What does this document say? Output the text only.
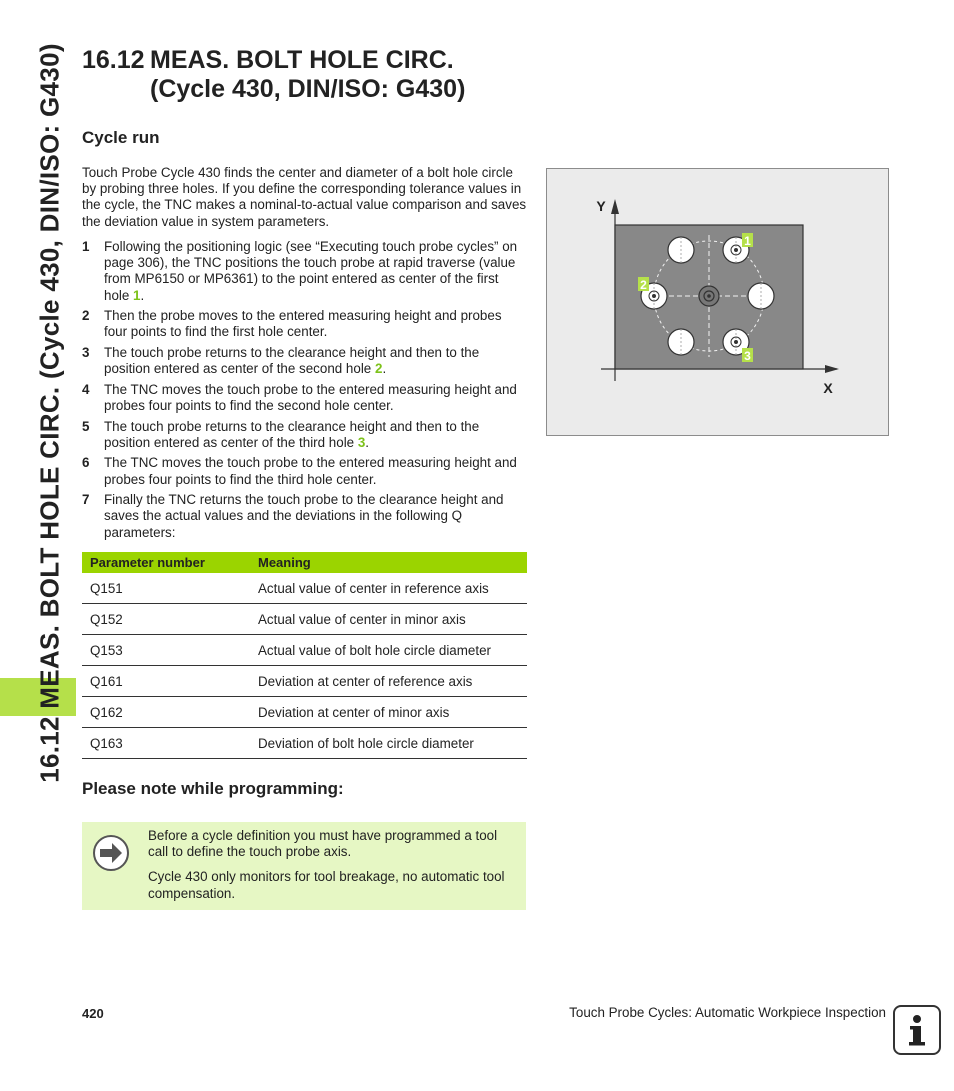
16.12 MEAS. BOLT HOLE CIRC. (Cycle 430, DIN/ISO: G430) 16.12 MEAS. BOLT HOLE CIRC.
(Cycle 430, DIN/ISO: G430)
Cycle run
Touch Probe Cycle 430 finds the center and diameter of a bolt hole circle by probing three holes. If you define the corresponding tolerance values in the cycle, the TNC makes a nominal-to-actual value comparison and saves the deviation value in system parameters.
1 Following the positioning logic (see “Executing touch probe cycles” on page 306), the TNC positions the touch probe at rapid traverse (value from MP6150 or MP6361) to the point entered as center of the first hole 1.
2 Then the probe moves to the entered measuring height and probes four points to find the first hole center.
3 The touch probe returns to the clearance height and then to the position entered as center of the second hole 2.
4 The TNC moves the touch probe to the entered measuring height and probes four points to find the second hole center.
5 The touch probe returns to the clearance height and then to the position entered as center of the third hole 3.
6 The TNC moves the touch probe to the entered measuring height and probes four points to find the third hole center.
7 Finally the TNC returns the touch probe to the clearance height and saves the actual values and the deviations in the following Q parameters:
Parameter number	Meaning
Q151	Actual value of center in reference axis
Q152	Actual value of center in minor axis
Q153	Actual value of bolt hole circle diameter
Q161	Deviation at center of reference axis
Q162	Deviation at center of minor axis
Q163	Deviation of bolt hole circle diameter
Please note while programming:

Before a cycle definition you must have programmed a tool call to define the touch probe axis.

Cycle 430 only monitors for tool breakage, no automatic tool compensation.

1
2
3
Y
X
420	Touch Probe Cycles: Automatic Workpiece Inspection
